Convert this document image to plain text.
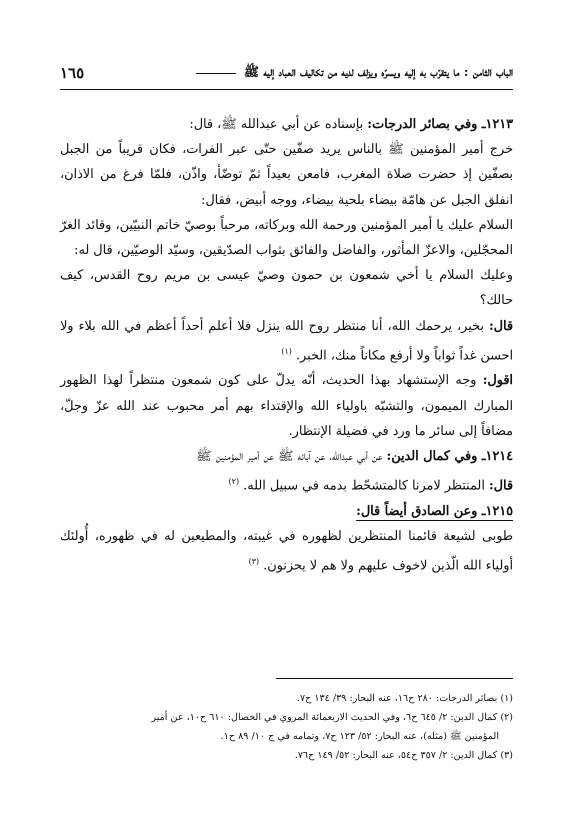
الباب الثامن : ما يتقرّب به إليه ويسرّه ويزلف لديه من تكاليف العباد إليه ﷺ
١٦٥

١٢١٣ـ وفي بصائر الدرجات: بإسناده عن أبي عبدالله ﷺ، قال:

خرج أمير المؤمنين ﷺ بالناس يريد صفّين حتّى عبر الفرات، فكان قريباً من الجبل بصفّين إذ حضرت صلاة المغرب، فامعن بعيداً ثمّ توضّأ، واذّن، فلمّا فرغ من الاذان، انفلق الجبل عن هامّة بيضاء بلحية بيضاء، ووجه أبيض، فقال:

السلام عليك يا أمير المؤمنين ورحمة الله وبركاته، مرحباً بوصيّ خاتم النبيّين، وقائد الغرّ المحجّلين، والاعزّ المأثور، والفاضل والفائق بثواب الصدّيقين، وسيّد الوصيّين، قال له:

وعليك السلام يا أخي شمعون بن حمون وصيّ عيسى بن مريم روح القدس، كيف حالك؟

قال: بخير، يرحمك الله، أنا منتظر روح الله ينزل فلا أعلم أحداً أعظم في الله بلاء ولا احسن غداً ثواباً ولا أرفع مكاناً منك، الخبر. $^{(١)}$

اقول: وجه الإستشهاد بهذا الحديث، أنّه يدلّ على كون شمعون منتظراً لهذا الظهور المبارك الميمون، والتشبّه باولياء الله والإقتداء بهم أمر محبوب عند الله عزّ وجلّ، مضافاً إلى سائر ما ورد في فضيلة الإنتظار.

١٢١٤ـ وفي كمال الدين: عن أبي عبدالله، عن آبائه ﷺ عن أمير المؤمنين ﷺ

قال: المنتظر لامرنا كالمتشحّط بدمه في سبيل الله. $^{(٢)}$

١٢١٥ـ وعن الصادق أيضاً قال:

طوبى لشيعة قائمنا المنتظرين لظهوره في غيبته، والمطيعين له في ظهوره، أُولئك أولياء الله الّذين لاخوف عليهم ولا هم لا يحزنون. $^{(٣)}$

(١) بصائر الدرجات: ٢٨٠ ح١٦، عنه البحار: ٣٩/ ١٣٤ ح٧.

(٢) كمال الدين: ٢/ ٦٤٥ ح٦، وفي الحديث الاربعمائة المروي في الخصال: ٦١٠ ح١٠، عن أمير

المؤمنين ﷺ (مثله)، عنه البحار: ٥٢/ ١٢٣ ح٧، وتمامه في ج ١٠/ ٨٩ ح١.

(٣) كمال الدين: ٢/ ٣٥٧ ح٥٤، عنه البحار: ٥٢/ ١٤٩ ح٧٦.
